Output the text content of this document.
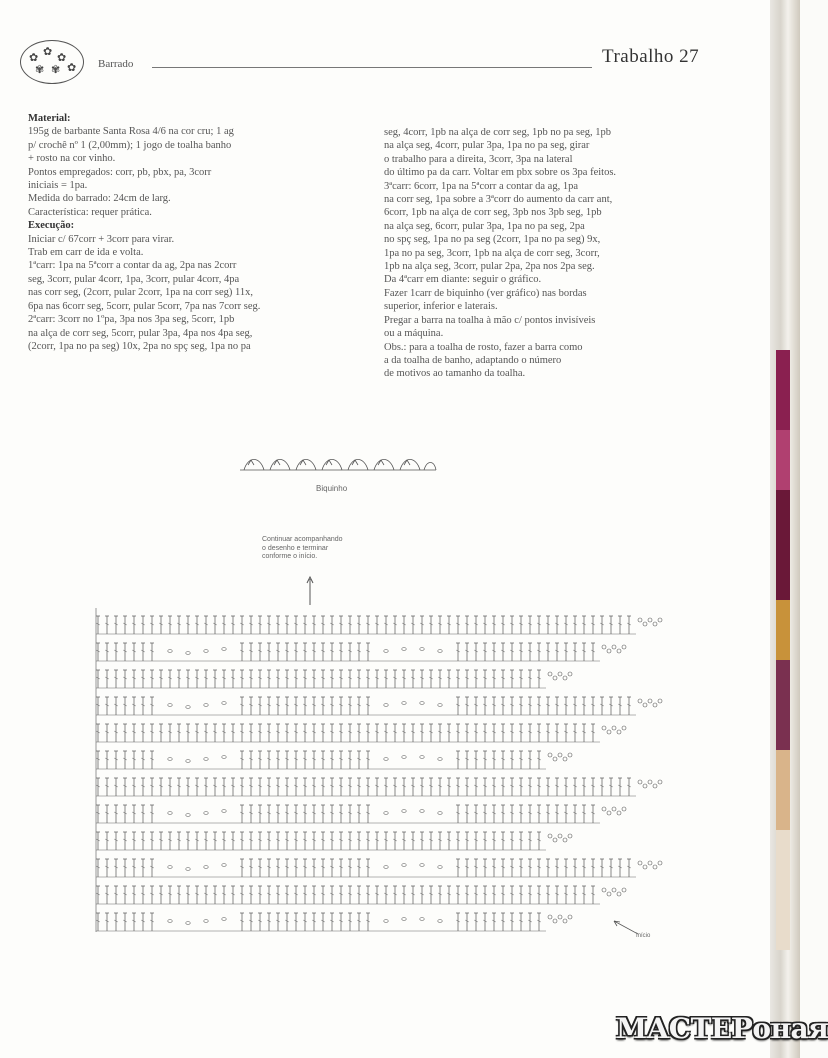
✿ ✿ ✿
✾ ✾ ✿ Barrado	Trabalho 27

Material:

195g de barbante Santa Rosa 4/6 na cor cru; 1 ag

p/ crochê nº 1 (2,00mm); 1 jogo de toalha banho

+ rosto na cor vinho.

Pontos empregados: corr, pb, pbx, pa, 3corr

iniciais = 1pa.

Medida do barrado: 24cm de larg.

Característica: requer prática.

Execução:

Iniciar c/ 67corr + 3corr para virar.

Trab em carr de ida e volta.

1ªcarr: 1pa na 5ªcorr a contar da ag, 2pa nas 2corr

seg, 3corr, pular 4corr, 1pa, 3corr, pular 4corr, 4pa

nas corr seg, (2corr, pular 2corr, 1pa na corr seg) 11x,

6pa nas 6corr seg, 5corr, pular 5corr, 7pa nas 7corr seg.

2ªcarr: 3corr no 1ºpa, 3pa nos 3pa seg, 5corr, 1pb

na alça de corr seg, 5corr, pular 3pa, 4pa nos 4pa seg,

(2corr, 1pa no pa seg) 10x, 2pa no spç seg, 1pa no pa

seg, 4corr, 1pb na alça de corr seg, 1pb no pa seg, 1pb

na alça seg, 4corr, pular 3pa, 1pa no pa seg, girar

o trabalho para a direita, 3corr, 3pa na lateral

do último pa da carr. Voltar em pbx sobre os 3pa feitos.

3ªcarr: 6corr, 1pa na 5ªcorr a contar da ag, 1pa

na corr seg, 1pa sobre a 3ªcorr do aumento da carr ant,

6corr, 1pb na alça de corr seg, 3pb nos 3pb seg, 1pb

na alça seg, 6corr, pular 3pa, 1pa no pa seg, 2pa

no spç seg, 1pa no pa seg (2corr, 1pa no pa seg) 9x,

1pa no pa seg, 3corr, 1pb na alça de corr seg, 3corr,

1pb na alça seg, 3corr, pular 2pa, 2pa nos 2pa seg.

Da 4ªcarr em diante: seguir o gráfico.

Fazer 1carr de biquinho (ver gráfico) nas bordas

superior, inferior e laterais.

Pregar a barra na toalha à mão c/ pontos invisíveis

ou a máquina.

Obs.: para a toalha de rosto, fazer a barra como

a da toalha de banho, adaptando o número

de motivos ao tamanho da toalha.

Biquinho
Continuar acompanhando
o desenho e terminar
conforme o início.
Início
МАСТЕРоная
